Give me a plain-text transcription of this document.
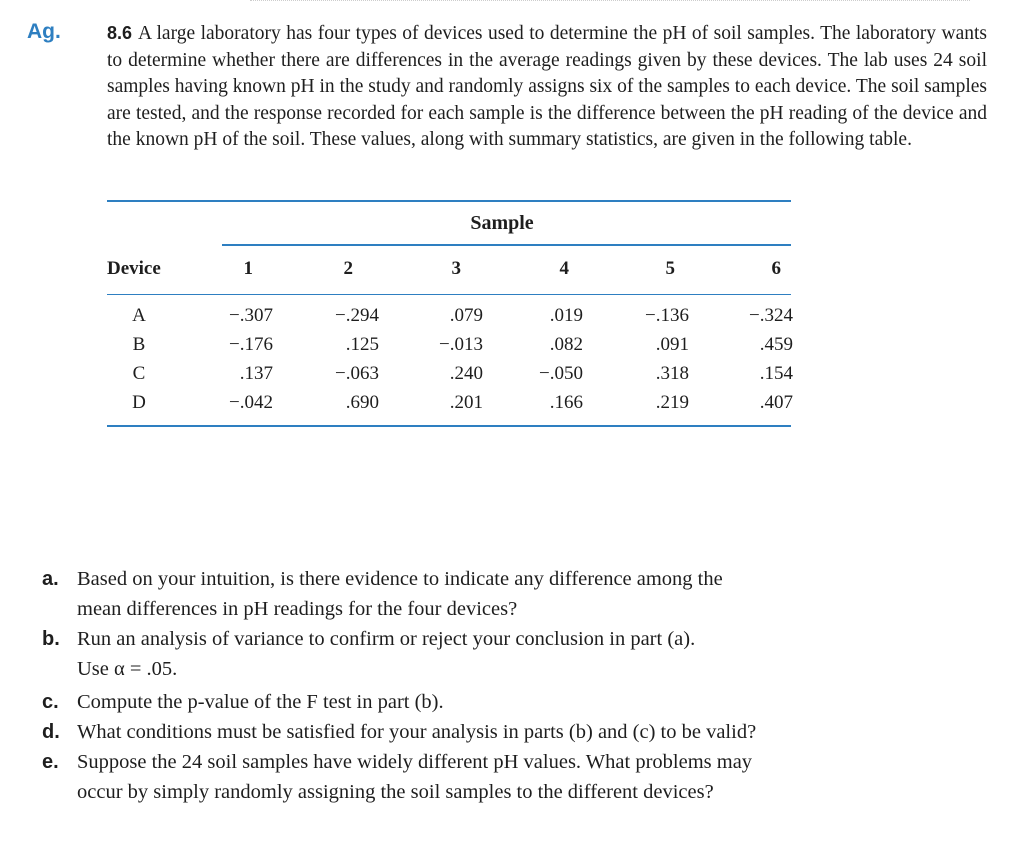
Ag.	8.6 A large laboratory has four types of devices used to determine the pH of soil samples. The laboratory wants to determine whether there are differences in the average readings given by these devices. The lab uses 24 soil samples having known pH in the study and randomly assigns six of the samples to each device. The soil samples are tested, and the response recorded for each sample is the difference between the pH reading of the device and the known pH of the soil. These values, along with summary statistics, are given in the following table.
Sample
Device	1	2	3	4	5	6
A	−.307	−.294	.079	.019	−.136	−.324
B	−.176	.125	−.013	.082	.091	.459
C	.137	−.063	.240	−.050	.318	.154
D	−.042	.690	.201	.166	.219	.407
a. Based on your intuition, is there evidence to indicate any difference among the
mean differences in pH readings for the four devices?
b. Run an analysis of variance to confirm or reject your conclusion in part (a).
Use α = .05.
c. Compute the p-value of the F test in part (b).
d. What conditions must be satisfied for your analysis in parts (b) and (c) to be valid?
e. Suppose the 24 soil samples have widely different pH values. What problems may
occur by simply randomly assigning the soil samples to the different devices?
